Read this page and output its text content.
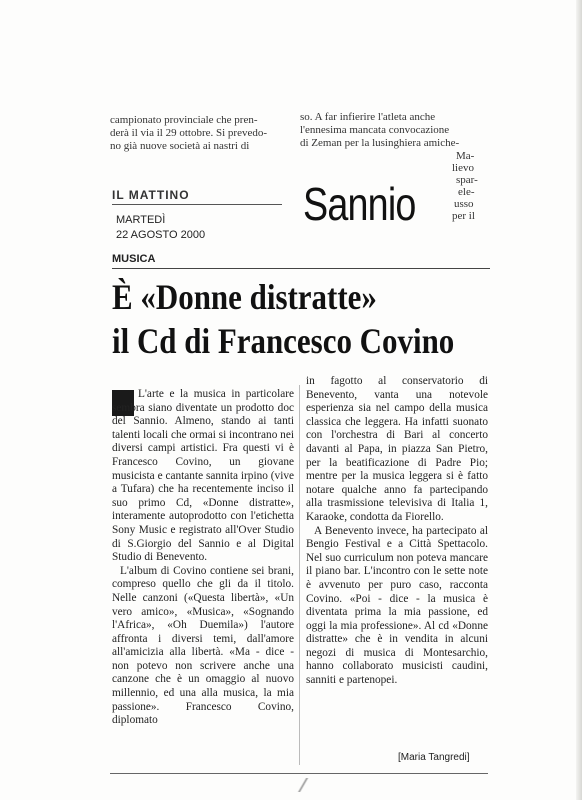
campionato provinciale che pren-
derà il via il 29 ottobre. Si prevedo-
no già nuove società ai nastri di
so. A far infierire l'atleta anche
l'ennesima mancata convocazione
di Zeman per la lusinghiera amiche-
Ma-
lievo
spar-
ele-
usso
per il
IL MATTINO
MARTEDÌ
22 AGOSTO 2000
Sannio
MUSICA
È «Donne distratte»
il Cd di Francesco Covino

L'arte e la musica in particolare sembra siano diventate un prodotto doc del Sannio. Almeno, stando ai tanti talenti locali che ormai si incontrano nei diversi campi artistici. Fra questi vi è Francesco Covino, un giovane musicista e cantante sannita irpino (vive a Tufara) che ha recentemente inciso il suo primo Cd, «Donne distratte», interamente autoprodotto con l'etichetta Sony Music e registrato all'Over Studio di S.Giorgio del Sannio e al Digital Studio di Benevento.

L'album di Covino contiene sei brani, compreso quello che gli da il titolo. Nelle canzoni («Questa libertà», «Un vero amico», «Musica», «Sognando l'Africa», «Oh Duemila») l'autore affronta i diversi temi, dall'amore all'amicizia alla libertà. «Ma - dice - non potevo non scrivere anche una canzone che è un omaggio al nuovo millennio, ed una alla musica, la mia passione». Francesco Covino, diplomato

in fagotto al conservatorio di Benevento, vanta una notevole esperienza sia nel campo della musica classica che leggera. Ha infatti suonato con l'orchestra di Bari al concerto davanti al Papa, in piazza San Pietro, per la beatificazione di Padre Pio; mentre per la musica leggera si è fatto notare qualche anno fa partecipando alla trasmissione televisiva di Italia 1, Karaoke, condotta da Fiorello.

A Benevento invece, ha partecipato al Bengio Festival e a Città Spettacolo. Nel suo curriculum non poteva mancare il piano bar. L'incontro con le sette note è avvenuto per puro caso, racconta Covino. «Poi - dice - la musica è diventata prima la mia passione, ed oggi la mia professione». Al cd «Donne distratte» che è in vendita in alcuni negozi di musica di Montesarchio, hanno collaborato musicisti caudini, sanniti e partenopei.

[Maria Tangredi]
